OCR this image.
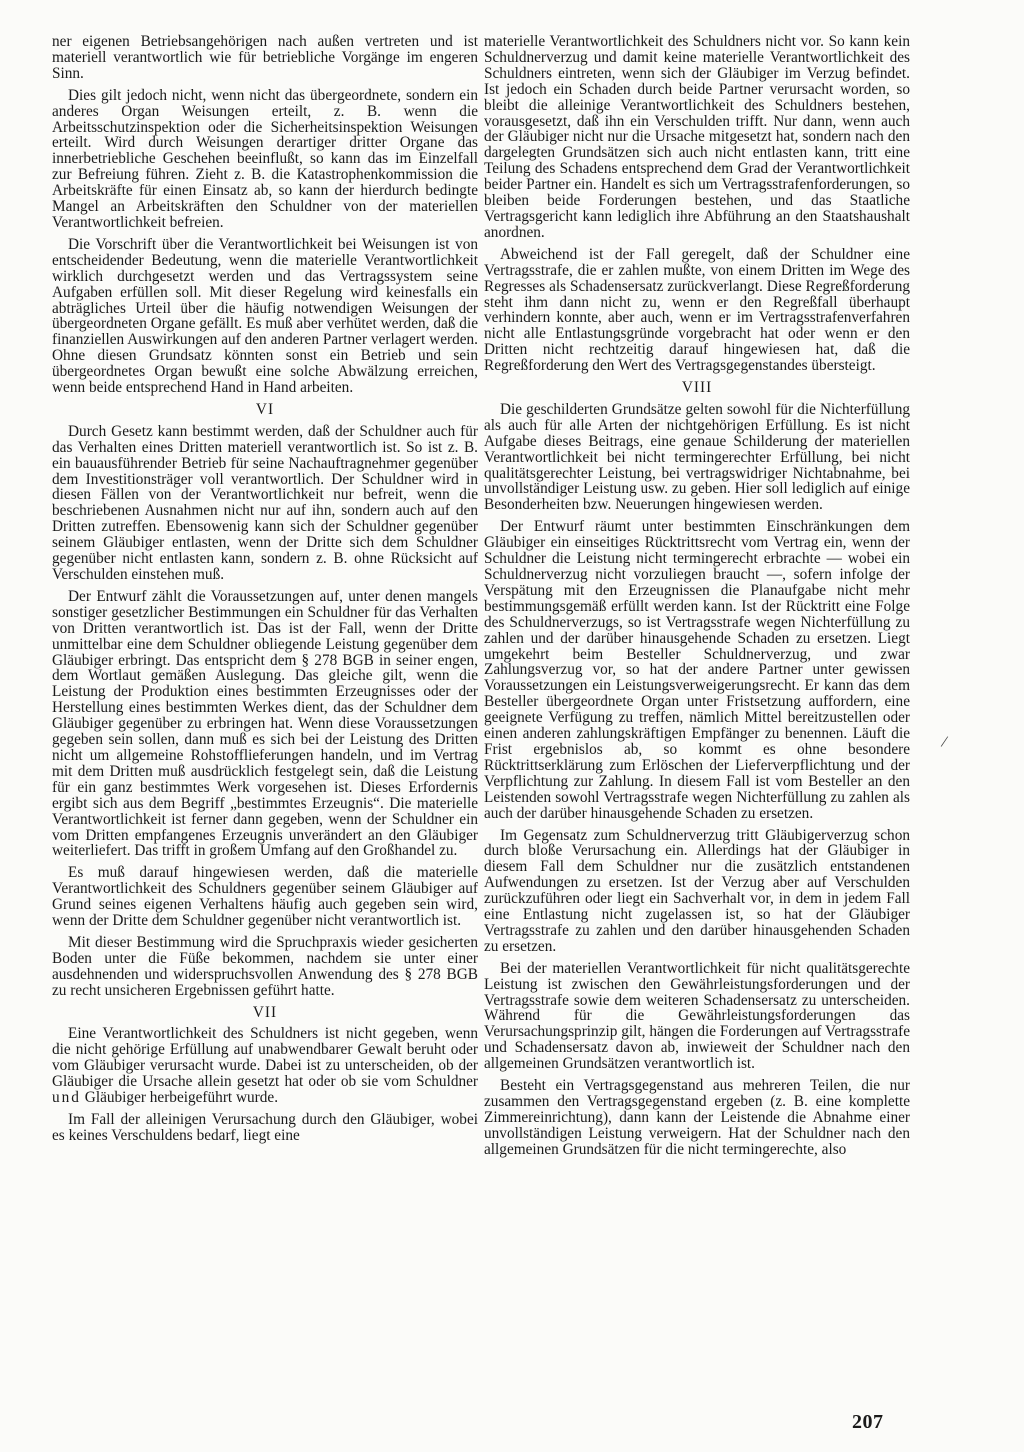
ner eigenen Betriebsangehörigen nach außen vertreten und ist materiell verantwortlich wie für betriebliche Vorgänge im engeren Sinn.

Dies gilt jedoch nicht, wenn nicht das übergeordnete, sondern ein anderes Organ Weisungen erteilt, z. B. wenn die Arbeitsschutzinspektion oder die Sicherheitsinspektion Weisungen erteilt. Wird durch Weisungen derartiger dritter Organe das innerbetriebliche Geschehen beeinflußt, so kann das im Einzelfall zur Befreiung führen. Zieht z. B. die Katastrophenkommission die Arbeitskräfte für einen Einsatz ab, so kann der hierdurch bedingte Mangel an Arbeitskräften den Schuldner von der materiellen Verantwortlichkeit befreien.

Die Vorschrift über die Verantwortlichkeit bei Weisungen ist von entscheidender Bedeutung, wenn die materielle Verantwortlichkeit wirklich durchgesetzt werden und das Vertragssystem seine Aufgaben erfüllen soll. Mit dieser Regelung wird keinesfalls ein abträgliches Urteil über die häufig notwendigen Weisungen der übergeordneten Organe gefällt. Es muß aber verhütet werden, daß die finanziellen Auswirkungen auf den anderen Partner verlagert werden. Ohne diesen Grundsatz könnten sonst ein Betrieb und sein übergeordnetes Organ bewußt eine solche Abwälzung erreichen, wenn beide entsprechend Hand in Hand arbeiten.

VI

Durch Gesetz kann bestimmt werden, daß der Schuldner auch für das Verhalten eines Dritten materiell verantwortlich ist. So ist z. B. ein bauausführender Betrieb für seine Nachauftragnehmer gegenüber dem Investitionsträger voll verantwortlich. Der Schuldner wird in diesen Fällen von der Verantwortlichkeit nur befreit, wenn die beschriebenen Ausnahmen nicht nur auf ihn, sondern auch auf den Dritten zutreffen. Ebensowenig kann sich der Schuldner gegenüber seinem Gläubiger entlasten, wenn der Dritte sich dem Schuldner gegenüber nicht entlasten kann, sondern z. B. ohne Rücksicht auf Verschulden einstehen muß.

Der Entwurf zählt die Voraussetzungen auf, unter denen mangels sonstiger gesetzlicher Bestimmungen ein Schuldner für das Verhalten von Dritten verantwortlich ist. Das ist der Fall, wenn der Dritte unmittelbar eine dem Schuldner obliegende Leistung gegenüber dem Gläubiger erbringt. Das entspricht dem § 278 BGB in seiner engen, dem Wortlaut gemäßen Auslegung. Das gleiche gilt, wenn die Leistung der Produktion eines bestimmten Erzeugnisses oder der Herstellung eines bestimmten Werkes dient, das der Schuldner dem Gläubiger gegenüber zu erbringen hat. Wenn diese Voraussetzungen gegeben sein sollen, dann muß es sich bei der Leistung des Dritten nicht um allgemeine Rohstofflieferungen handeln, und im Vertrag mit dem Dritten muß ausdrücklich festgelegt sein, daß die Leistung für ein ganz bestimmtes Werk vorgesehen ist. Dieses Erfordernis ergibt sich aus dem Begriff „bestimmtes Erzeugnis“. Die materielle Verantwortlichkeit ist ferner dann gegeben, wenn der Schuldner ein vom Dritten empfangenes Erzeugnis unverändert an den Gläubiger weiterliefert. Das trifft in großem Umfang auf den Großhandel zu.

Es muß darauf hingewiesen werden, daß die materielle Verantwortlichkeit des Schuldners gegenüber seinem Gläubiger auf Grund seines eigenen Verhaltens häufig auch gegeben sein wird, wenn der Dritte dem Schuldner gegenüber nicht verantwortlich ist.

Mit dieser Bestimmung wird die Spruchpraxis wieder gesicherten Boden unter die Füße bekommen, nachdem sie unter einer ausdehnenden und widerspruchsvollen Anwendung des § 278 BGB zu recht unsicheren Ergebnissen geführt hatte.

VII

Eine Verantwortlichkeit des Schuldners ist nicht gegeben, wenn die nicht gehörige Erfüllung auf unabwendbarer Gewalt beruht oder vom Gläubiger verursacht wurde. Dabei ist zu unterscheiden, ob der Gläubiger die Ursache allein gesetzt hat oder ob sie vom Schuldner und Gläubiger herbeigeführt wurde.

Im Fall der alleinigen Verursachung durch den Gläubiger, wobei es keines Verschuldens bedarf, liegt eine

materielle Verantwortlichkeit des Schuldners nicht vor. So kann kein Schuldnerverzug und damit keine materielle Verantwortlichkeit des Schuldners eintreten, wenn sich der Gläubiger im Verzug befindet. Ist jedoch ein Schaden durch beide Partner verursacht worden, so bleibt die alleinige Verantwortlichkeit des Schuldners bestehen, vorausgesetzt, daß ihn ein Verschulden trifft. Nur dann, wenn auch der Gläubiger nicht nur die Ursache mitgesetzt hat, sondern nach den dargelegten Grundsätzen sich auch nicht entlasten kann, tritt eine Teilung des Schadens entsprechend dem Grad der Verantwortlichkeit beider Partner ein. Handelt es sich um Vertragsstrafenforderungen, so bleiben beide Forderungen bestehen, und das Staatliche Vertragsgericht kann lediglich ihre Abführung an den Staatshaushalt anordnen.

Abweichend ist der Fall geregelt, daß der Schuldner eine Vertragsstrafe, die er zahlen mußte, von einem Dritten im Wege des Regresses als Schadensersatz zurückverlangt. Diese Regreßforderung steht ihm dann nicht zu, wenn er den Regreßfall überhaupt verhindern konnte, aber auch, wenn er im Vertragsstrafenverfahren nicht alle Entlastungsgründe vorgebracht hat oder wenn er den Dritten nicht rechtzeitig darauf hingewiesen hat, daß die Regreßforderung den Wert des Vertragsgegenstandes übersteigt.

VIII

Die geschilderten Grundsätze gelten sowohl für die Nichterfüllung als auch für alle Arten der nichtgehörigen Erfüllung. Es ist nicht Aufgabe dieses Beitrags, eine genaue Schilderung der materiellen Verantwortlichkeit bei nicht termingerechter Erfüllung, bei nicht qualitätsgerechter Leistung, bei vertragswidriger Nichtabnahme, bei unvollständiger Leistung usw. zu geben. Hier soll lediglich auf einige Besonderheiten bzw. Neuerungen hingewiesen werden.

Der Entwurf räumt unter bestimmten Einschränkungen dem Gläubiger ein einseitiges Rücktrittsrecht vom Vertrag ein, wenn der Schuldner die Leistung nicht termingerecht erbrachte — wobei ein Schuldnerverzug nicht vorzuliegen braucht —, sofern infolge der Verspätung mit den Erzeugnissen die Planaufgabe nicht mehr bestimmungsgemäß erfüllt werden kann. Ist der Rücktritt eine Folge des Schuldnerverzugs, so ist Vertragsstrafe wegen Nichterfüllung zu zahlen und der darüber hinausgehende Schaden zu ersetzen. Liegt umgekehrt beim Besteller Schuldnerverzug, und zwar Zahlungsverzug vor, so hat der andere Partner unter gewissen Voraussetzungen ein Leistungsverweigerungsrecht. Er kann das dem Besteller übergeordnete Organ unter Fristsetzung auffordern, eine geeignete Verfügung zu treffen, nämlich Mittel bereitzustellen oder einen anderen zahlungskräftigen Empfänger zu benennen. Läuft die Frist ergebnislos ab, so kommt es ohne besondere Rücktrittserklärung zum Erlöschen der Lieferverpflichtung und der Verpflichtung zur Zahlung. In diesem Fall ist vom Besteller an den Leistenden sowohl Vertragsstrafe wegen Nichterfüllung zu zahlen als auch der darüber hinausgehende Schaden zu ersetzen.

Im Gegensatz zum Schuldnerverzug tritt Gläubigerverzug schon durch bloße Verursachung ein. Allerdings hat der Gläubiger in diesem Fall dem Schuldner nur die zusätzlich entstandenen Aufwendungen zu ersetzen. Ist der Verzug aber auf Verschulden zurückzuführen oder liegt ein Sachverhalt vor, in dem in jedem Fall eine Entlastung nicht zugelassen ist, so hat der Gläubiger Vertragsstrafe zu zahlen und den darüber hinausgehenden Schaden zu ersetzen.

Bei der materiellen Verantwortlichkeit für nicht qualitätsgerechte Leistung ist zwischen den Gewährleistungsforderungen und der Vertragsstrafe sowie dem weiteren Schadensersatz zu unterscheiden. Während für die Gewährleistungsforderungen das Verursachungsprinzip gilt, hängen die Forderungen auf Vertragsstrafe und Schadensersatz davon ab, inwieweit der Schuldner nach den allgemeinen Grundsätzen verantwortlich ist.

Besteht ein Vertragsgegenstand aus mehreren Teilen, die nur zusammen den Vertragsgegenstand ergeben (z. B. eine komplette Zimmereinrichtung), dann kann der Leistende die Abnahme einer unvollständigen Leistung verweigern. Hat der Schuldner nach den allgemeinen Grundsätzen für die nicht termingerechte, also

/
207
